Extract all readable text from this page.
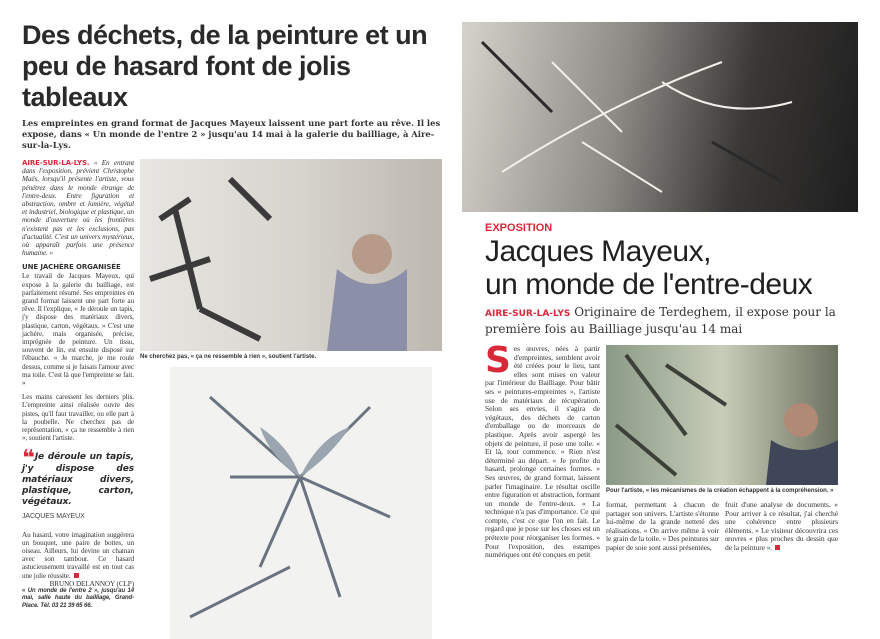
Des déchets, de la peinture et un peu de hasard font de jolis tableaux
Les empreintes en grand format de Jacques Mayeux laissent une part forte au rêve. Il les expose, dans « Un monde de l'entre 2 » jusqu'au 14 mai à la galerie du bailliage, à Aire-sur-la-Lys.

AIRE-SUR-LA-LYS. « En entrant dans l'exposition, prévient Christophe Maës, lorsqu'il présente l'artiste, vous pénétrez dans le monde étrange de l'entre-deux. Entre figuration et abstraction, ombre et lumière, végétal et industriel, biologique et plastique, un monde d'ouverture où les frontières n'existent pas et les exclusions, pas d'actualité. C'est un univers mystérieux, où apparaît parfois une présence humaine. »

UNE JACHÈRE ORGANISÉE

Le travail de Jacques Mayeux, qui expose à la galerie du bailliage, est parfaitement résumé. Ses empreintes en grand format laissent une part forte au rêve. Il l'explique, « Je déroule un tapis, j'y dispose des matériaux divers, plastique, carton, végétaux. » C'est une jachère, mais organisée, précise, imprégnée de peinture. Un tissu, souvent de lin, est ensuite disposé sur l'ébauche. « Je marche, je me roule dessus, comme si je faisais l'amour avec ma toile. C'est là que l'empreinte se fait. »

Les mains caressent les derniers plis. L'empreinte ainsi réalisée ouvre des pistes, qu'il faut travailler, ou elle part à la poubelle. Ne cherchez pas de représentation, « ça ne ressemble à rien », soutient l'artiste.

❝Je déroule un tapis, j'y dispose des matériaux divers, plastique, carton, végétaux.

JACQUES MAYEUX

Au hasard, votre imagination suggérera un bouquet, une paire de bottes, un oiseau. Ailleurs, lui devine un chaman avec son tambour. Ce hasard astucieusement travaillé est en tout cas une jolie réussite.

BRUNO DELANNOY (CLP)

« Un monde de l'entre 2 », jusqu'au 14 mai, salle haute du bailliage, Grand-Place. Tél. 03 21 39 65 66.

Ne cherchez pas, « ça ne ressemble à rien », soutient l'artiste.
EXPOSITION
Jacques Mayeux,
un monde de l'entre-deux
AIRE-SUR-LA-LYS Originaire de Terdeghem, il expose pour la première fois au Bailliage jusqu'au 14 mai
Ses œuvres, nées à partir d'empreintes, semblent avoir été créées pour le lieu, tant elles sont mises en valeur par l'intérieur du Bailliage. Pour bâtir ses « peintures-empreintes », l'artiste use de matériaux de récupération. Selon ses envies, il s'agira de végétaux, des déchets de carton d'emballage ou de morceaux de plastique. Après avoir aspergé les objets de peinture, il pose une toile. « Et là, tout commence. » Rien n'est déterminé au départ. « Je profite du hasard, prolonge certaines formes. » Ses œuvres, de grand format, laissent parler l'imaginaire. Le résultat oscille entre figuration et abstraction, formant un monde de l'entre-deux. « La technique n'a pas d'importance. Ce qui compte, c'est ce que l'on en fait. Le regard que je pose sur les choses est un prétexte pour réorganiser les formes. » Pour l'exposition, des estampes numériques ont été conçues en petit
Pour l'artiste, « les mécanismes de la création échappent à la compréhension. »
format, permettant à chacun de partager son univers. L'artiste s'étonne lui-même de la grande netteté des réalisations. « On arrive même à voir le grain de la toile. » Des peintures sur papier de soie sont aussi présentées,
fruit d'une analyse de documents. « Pour arriver à ce résultat, j'ai cherché une cohérence entre plusieurs éléments. » Le visiteur découvrira ces œuvres « plus proches du dessin que de la peinture ».
